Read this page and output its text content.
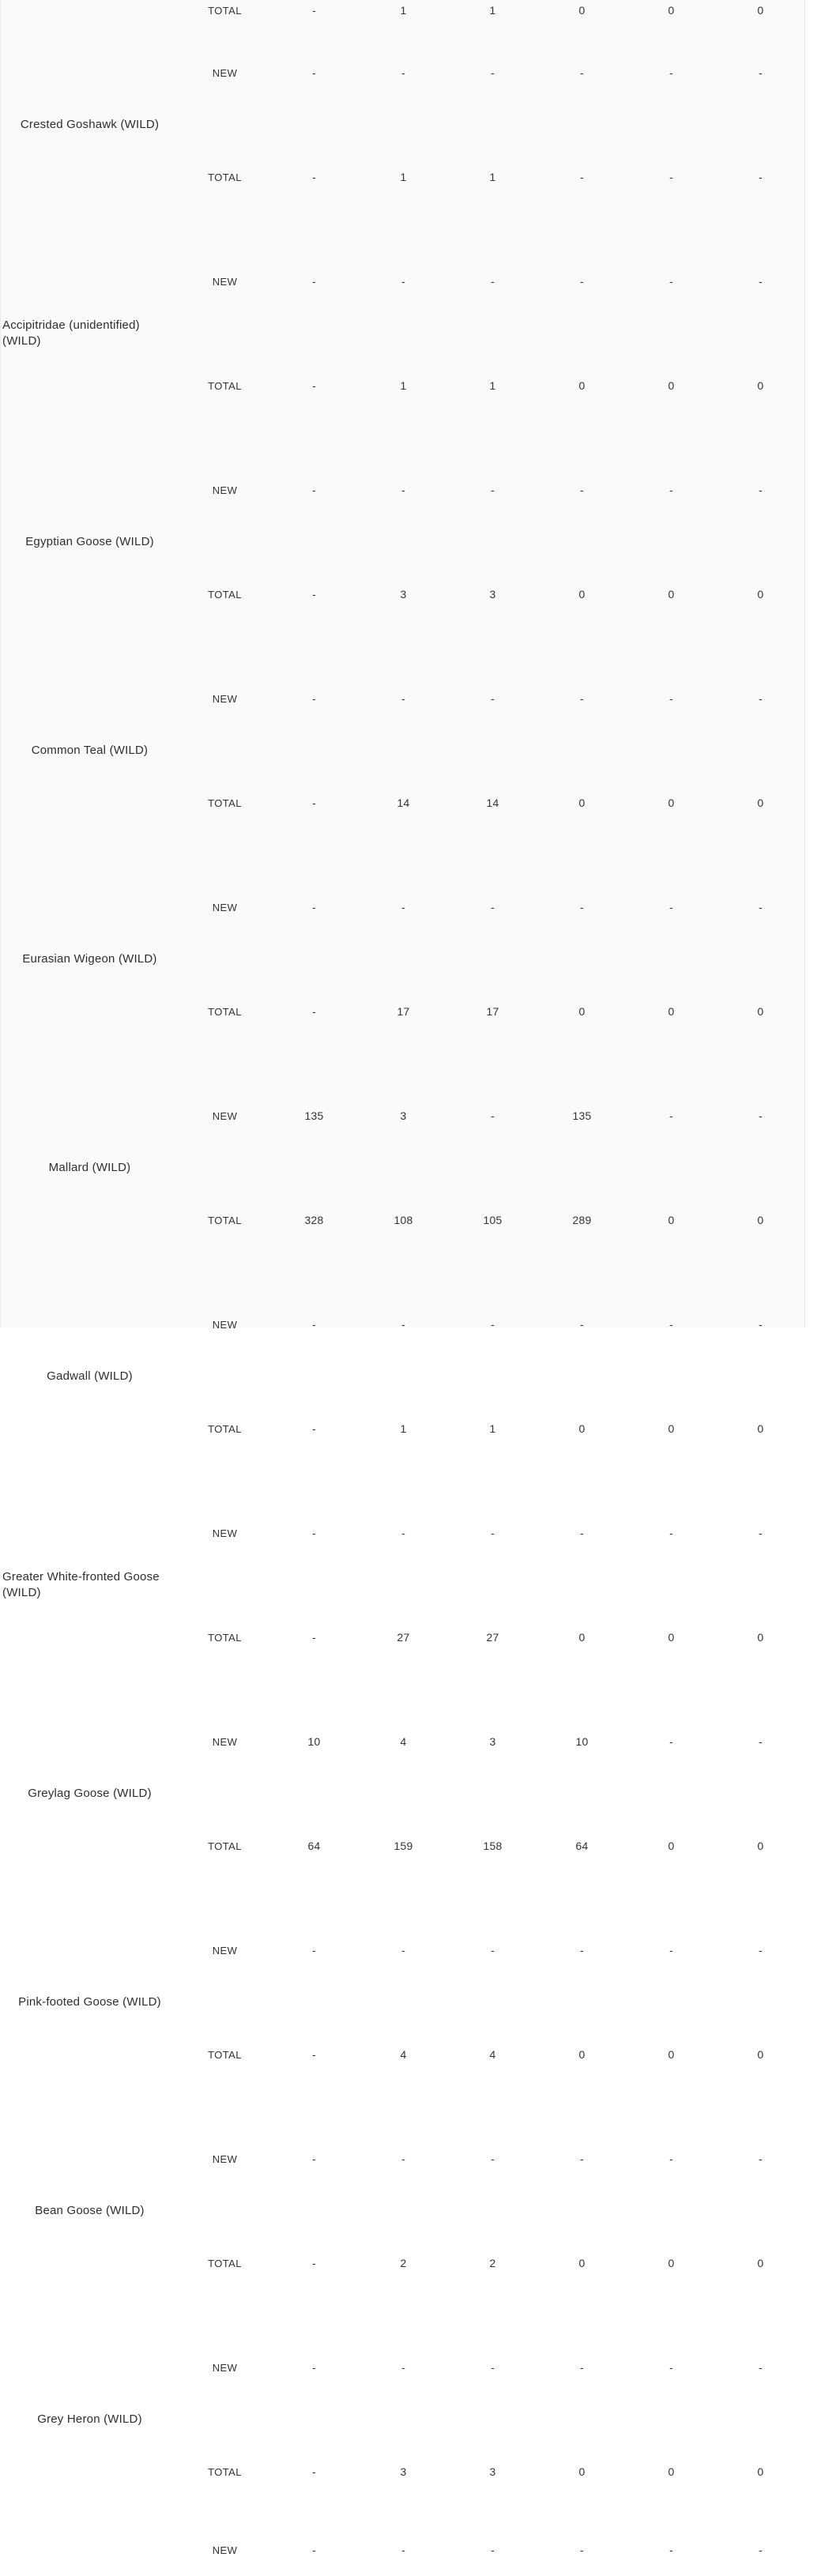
	TOTAL	-	1	1	0	0	0

Crested Goshawk (WILD)	NEW	-	-	-	-	-	-
	TOTAL	-	1	1	-	-	-

Accipitridae (unidentified) (WILD)	NEW	-	-	-	-	-	-
	TOTAL	-	1	1	0	0	0

Egyptian Goose (WILD)	NEW	-	-	-	-	-	-
	TOTAL	-	3	3	0	0	0

Common Teal (WILD)	NEW	-	-	-	-	-	-
	TOTAL	-	14	14	0	0	0

Eurasian Wigeon (WILD)	NEW	-	-	-	-	-	-
	TOTAL	-	17	17	0	0	0

Mallard (WILD)	NEW	135	3	-	135	-	-
	TOTAL	328	108	105	289	0	0

Gadwall (WILD)	NEW	-	-	-	-	-	-
	TOTAL	-	1	1	0	0	0

Greater White-fronted Goose (WILD)	NEW	-	-	-	-	-	-
	TOTAL	-	27	27	0	0	0

Greylag Goose (WILD)	NEW	10	4	3	10	-	-
	TOTAL	64	159	158	64	0	0

Pink-footed Goose (WILD)	NEW	-	-	-	-	-	-
	TOTAL	-	4	4	0	0	0

Bean Goose (WILD)	NEW	-	-	-	-	-	-
	TOTAL	-	2	2	0	0	0

Grey Heron (WILD)	NEW	-	-	-	-	-	-
	TOTAL	-	3	3	0	0	0
	NEW	-	-	-	-	-	-
